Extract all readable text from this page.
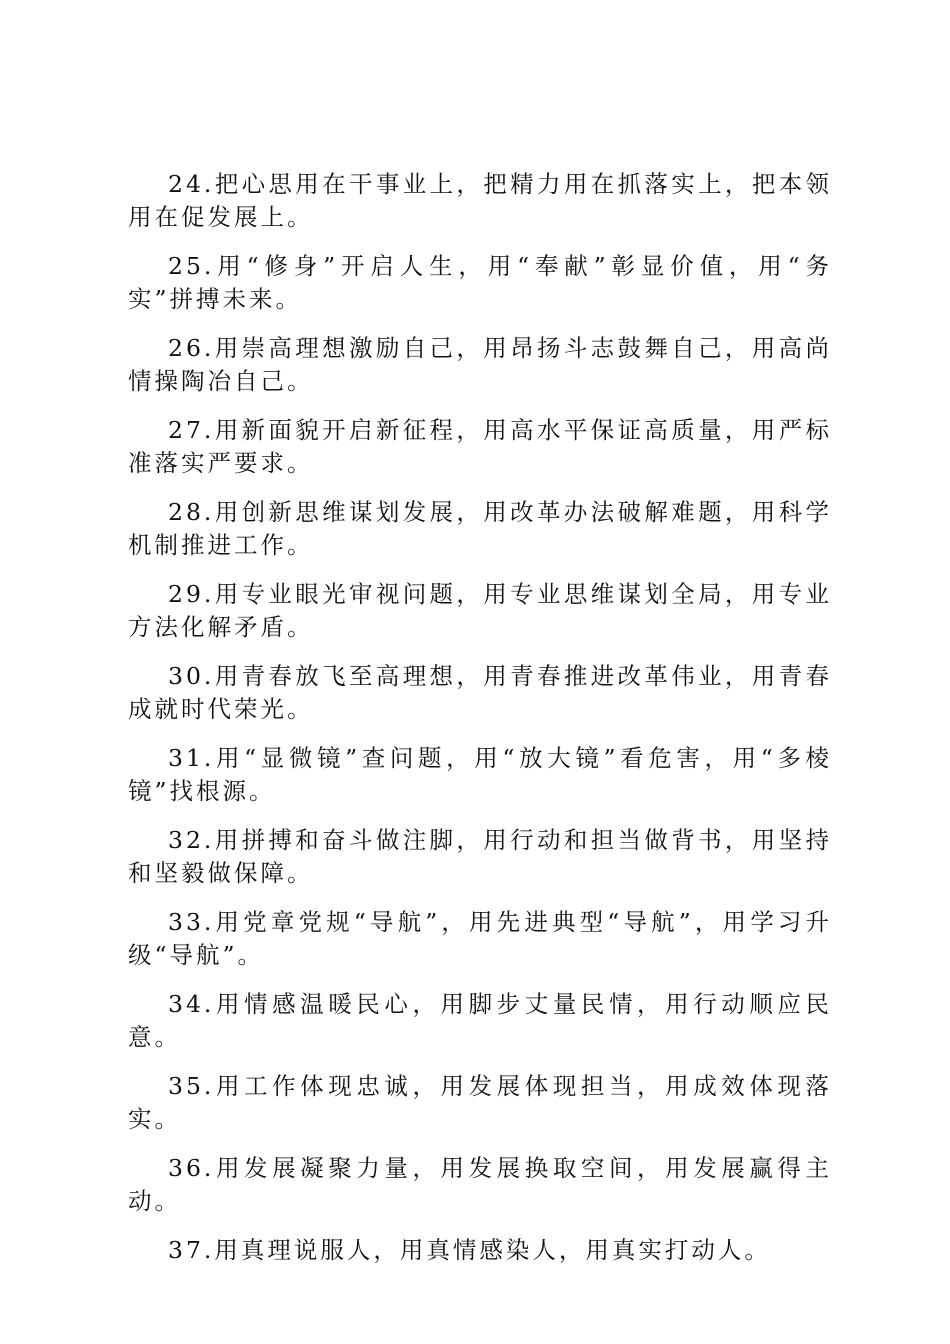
24.把心思用在干事业上，把精力用在抓落实上，把本领用在促发展上。

25.用“修身”开启人生，用“奉献”彰显价值，用“务实”拼搏未来。

26.用崇高理想激励自己，用昂扬斗志鼓舞自己，用高尚情操陶冶自己。

27.用新面貌开启新征程，用高水平保证高质量，用严标准落实严要求。

28.用创新思维谋划发展，用改革办法破解难题，用科学机制推进工作。

29.用专业眼光审视问题，用专业思维谋划全局，用专业方法化解矛盾。

30.用青春放飞至高理想，用青春推进改革伟业，用青春成就时代荣光。

31.用“显微镜”查问题，用“放大镜”看危害，用“多棱镜”找根源。

32.用拼搏和奋斗做注脚，用行动和担当做背书，用坚持和坚毅做保障。

33.用党章党规“导航”，用先进典型“导航”，用学习升级“导航”。

34.用情感温暖民心，用脚步丈量民情，用行动顺应民意。

35.用工作体现忠诚，用发展体现担当，用成效体现落实。

36.用发展凝聚力量，用发展换取空间，用发展赢得主动。

37.用真理说服人，用真情感染人，用真实打动人。
